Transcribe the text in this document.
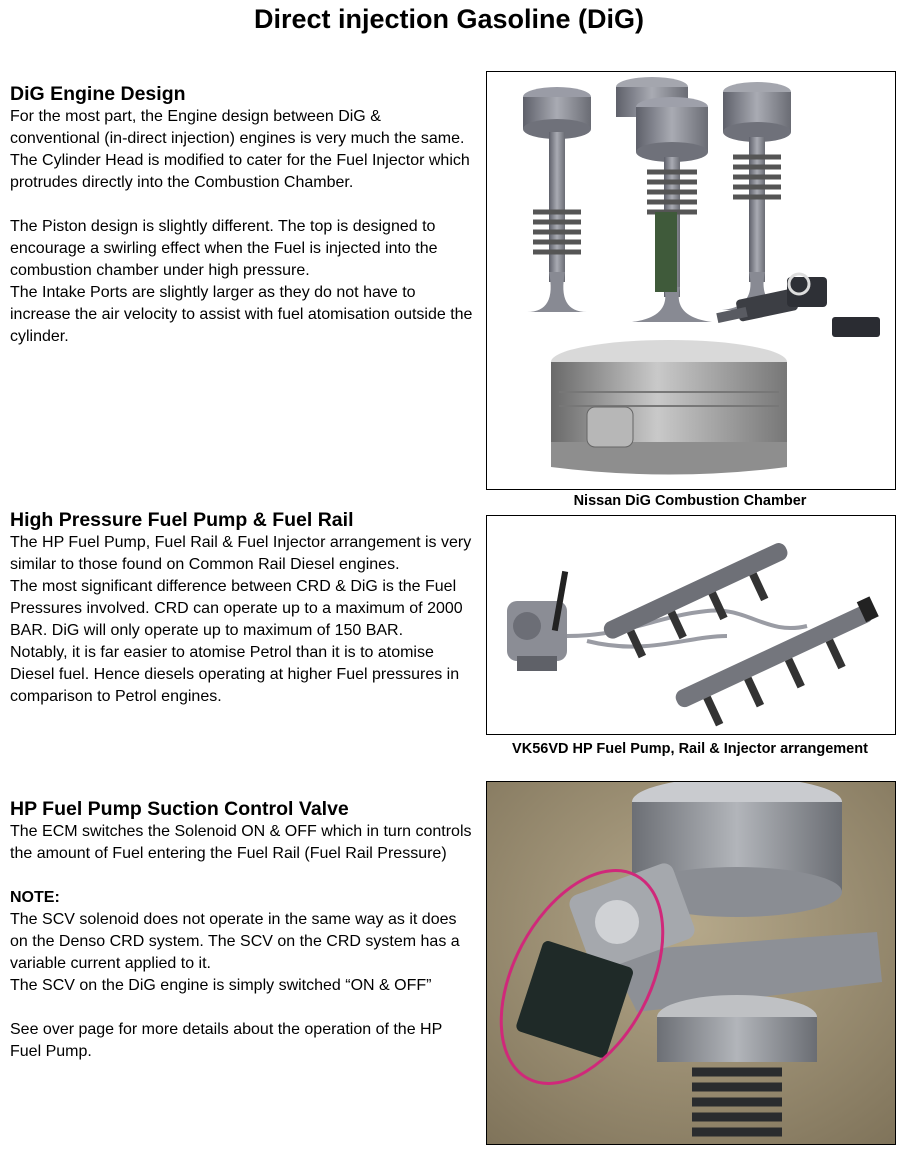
Direct injection Gasoline (DiG)
DiG Engine Design

For the most part, the Engine design between DiG & conventional (in-direct injection) engines is very much the same.

The Cylinder Head is modified to cater for the Fuel Injector which protrudes directly into the Combustion Chamber.

The Piston design is slightly different. The top is designed to encourage a swirling effect when the Fuel is injected into the combustion chamber under high pressure.

The Intake Ports are slightly larger as they do not have to increase the air velocity to assist with fuel atomisation outside the cylinder.

High Pressure Fuel Pump & Fuel Rail

The HP Fuel Pump, Fuel Rail & Fuel Injector arrangement is very similar to those found on Common Rail Diesel engines.

The most significant difference between CRD & DiG is the Fuel Pressures involved. CRD can operate up to a maximum of 2000 BAR. DiG will only operate up to maximum of 150 BAR.

Notably, it is far easier to atomise Petrol than it is to atomise Diesel fuel. Hence diesels operating at higher Fuel pressures in comparison to Petrol engines.

HP Fuel Pump Suction Control Valve

The ECM switches the Solenoid ON & OFF which in turn controls the amount of Fuel entering the Fuel Rail (Fuel Rail Pressure)

NOTE:

The SCV solenoid does not operate in the same way as it does on the Denso CRD system. The SCV on the CRD system has a variable current applied to it.

The SCV on the DiG engine is simply switched “ON & OFF”

See over page for more details about the operation of the HP Fuel Pump.

Nissan DiG Combustion Chamber
VK56VD HP Fuel Pump, Rail & Injector arrangement
